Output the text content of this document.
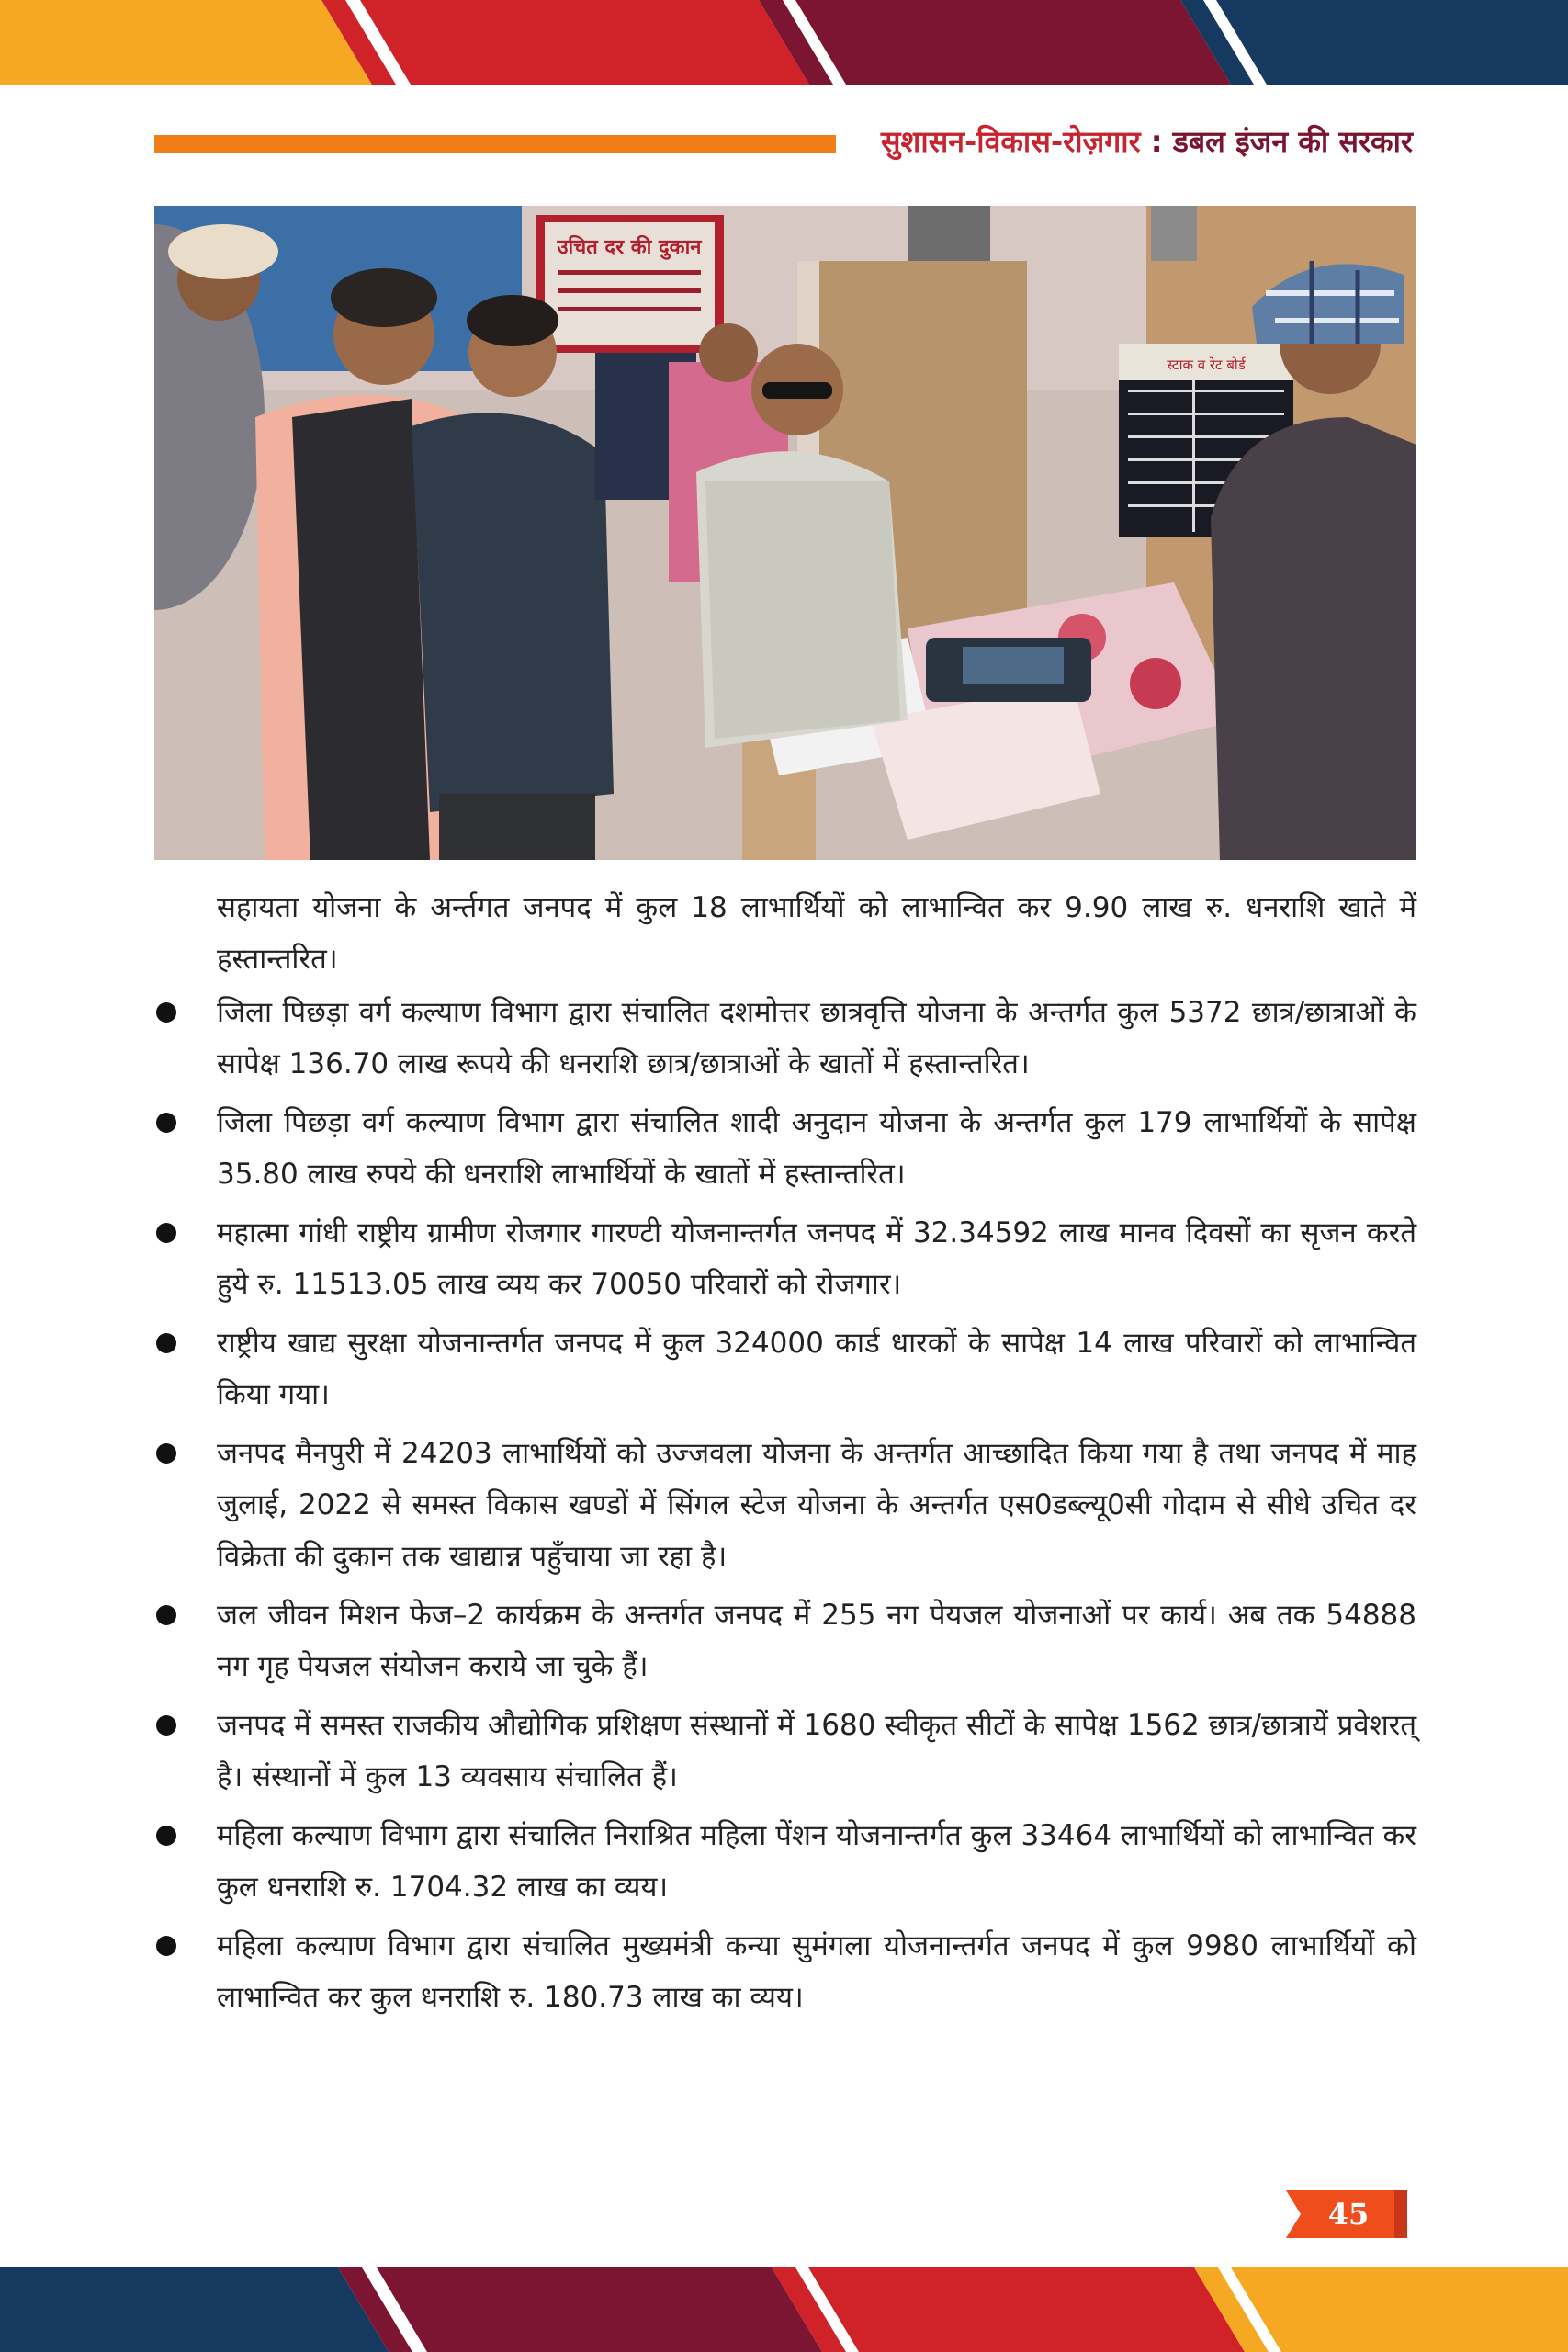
सुशासन-विकास-रोज़गार : डबल इंजन की सरकार
उचित दर की दुकान
स्टाक व रेट बोर्ड

सहायता योजना के अर्न्तगत जनपद में कुल 18 लाभार्थियों को लाभान्वित कर 9.90 लाख रु. धनराशि खाते में हस्तान्तरित।

जिला पिछड़ा वर्ग कल्याण विभाग द्वारा संचालित दशमोत्तर छात्रवृत्ति योजना के अन्तर्गत कुल 5372 छात्र/छात्राओं के सापेक्ष 136.70 लाख रूपये की धनराशि छात्र/छात्राओं के खातों में हस्तान्तरित।
जिला पिछड़ा वर्ग कल्याण विभाग द्वारा संचालित शादी अनुदान योजना के अन्तर्गत कुल 179 लाभार्थियों के सापेक्ष 35.80 लाख रुपये की धनराशि लाभार्थियों के खातों में हस्तान्तरित।
महात्मा गांधी राष्ट्रीय ग्रामीण रोजगार गारण्टी योजनान्तर्गत जनपद में 32.34592 लाख मानव दिवसों का सृजन करते हुये रु. 11513.05 लाख व्यय कर 70050 परिवारों को रोजगार।
राष्ट्रीय खाद्य सुरक्षा योजनान्तर्गत जनपद में कुल 324000 कार्ड धारकों के सापेक्ष 14 लाख परिवारों को लाभान्वित किया गया।
जनपद मैनपुरी में 24203 लाभार्थियों को उज्जवला योजना के अन्तर्गत आच्छादित किया गया है तथा जनपद में माह जुलाई, 2022 से समस्त विकास खण्डों में सिंगल स्टेज योजना के अन्तर्गत एस0डब्ल्यू0सी गोदाम से सीधे उचित दर विक्रेता की दुकान तक खाद्यान्न पहुँचाया जा रहा है।
जल जीवन मिशन फेज–2 कार्यक्रम के अन्तर्गत जनपद में 255 नग पेयजल योजनाओं पर कार्य। अब तक 54888 नग गृह पेयजल संयोजन कराये जा चुके हैं।
जनपद में समस्त राजकीय औद्योगिक प्रशिक्षण संस्थानों में 1680 स्वीकृत सीटों के सापेक्ष 1562 छात्र/छात्रायें प्रवेशरत् है। संस्थानों में कुल 13 व्यवसाय संचालित हैं।
महिला कल्याण विभाग द्वारा संचालित निराश्रित महिला पेंशन योजनान्तर्गत कुल 33464 लाभार्थियों को लाभान्वित कर कुल धनराशि रु. 1704.32 लाख का व्यय।
महिला कल्याण विभाग द्वारा संचालित मुख्यमंत्री कन्या सुमंगला योजनान्तर्गत जनपद में कुल 9980 लाभार्थियों को लाभान्वित कर कुल धनराशि रु. 180.73 लाख का व्यय।
45
